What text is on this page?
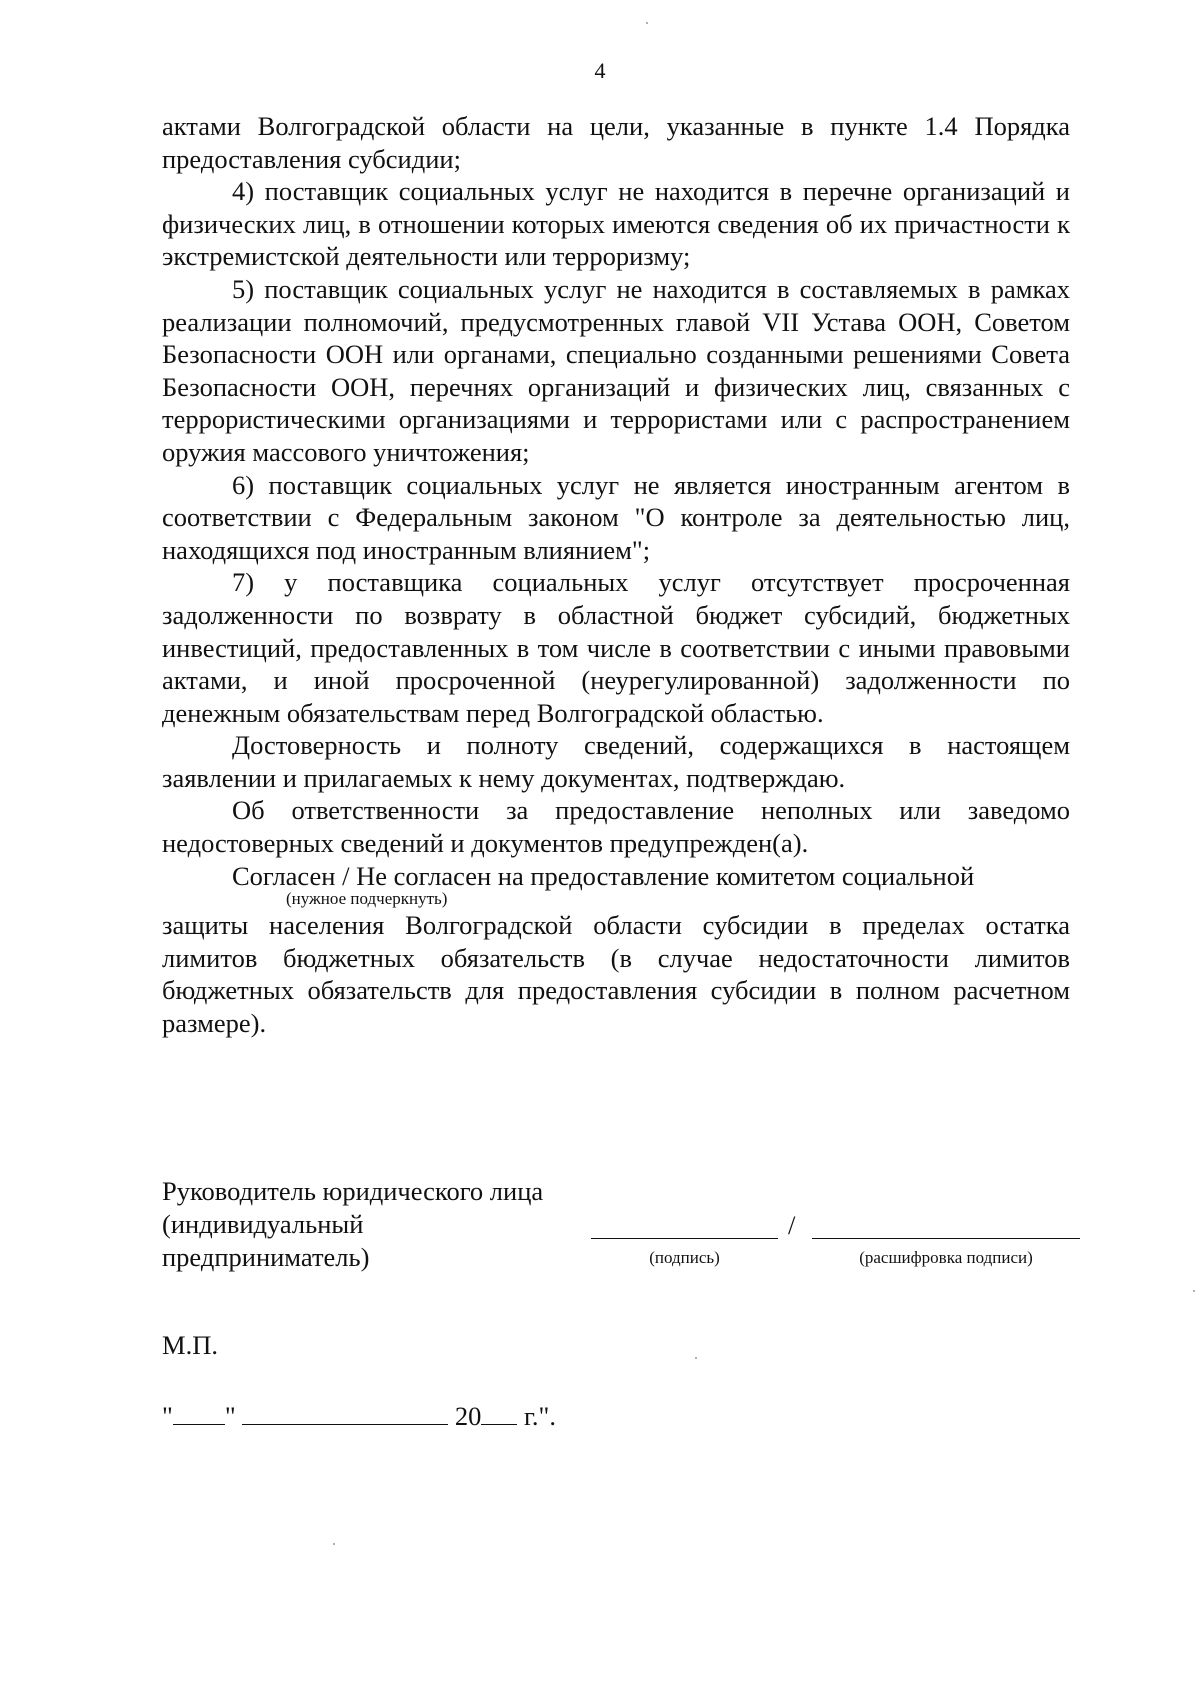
4

актами Волгоградской области на цели, указанные в пункте 1.4 Порядка предоставления субсидии;

4) поставщик социальных услуг не находится в перечне организаций и физических лиц, в отношении которых имеются сведения об их причастности к экстремистской деятельности или терроризму;

5) поставщик социальных услуг не находится в составляемых в рамках реализации полномочий, предусмотренных главой VII Устава ООН, Советом Безопасности ООН или органами, специально созданными решениями Совета Безопасности ООН, перечнях организаций и физических лиц, связанных с террористическими организациями и террористами или с распространением оружия массового уничтожения;

6) поставщик социальных услуг не является иностранным агентом в соответствии с Федеральным законом "О контроле за деятельностью лиц, находящихся под иностранным влиянием";

7) у поставщика социальных услуг отсутствует просроченная задолженности по возврату в областной бюджет субсидий, бюджетных инвестиций, предоставленных в том числе в соответствии с иными правовыми актами, и иной просроченной (неурегулированной) задолженности по денежным обязательствам перед Волгоградской областью.

Достоверность и полноту сведений, содержащихся в настоящем заявлении и прилагаемых к нему документах, подтверждаю.

Об ответственности за предоставление неполных или заведомо недостоверных сведений и документов предупрежден(а).

Согласен / Не согласен на предоставление комитетом социальной

(нужное подчеркнуть)

защиты населения Волгоградской области субсидии в пределах остатка лимитов бюджетных обязательств (в случае недостаточности лимитов бюджетных обязательств для предоставления субсидии в полном расчетном размере).

Руководитель юридического лица
(индивидуальный
предприниматель)
/
(подпись)	(расшифровка подписи)
М.П.
" "	20 г.".
